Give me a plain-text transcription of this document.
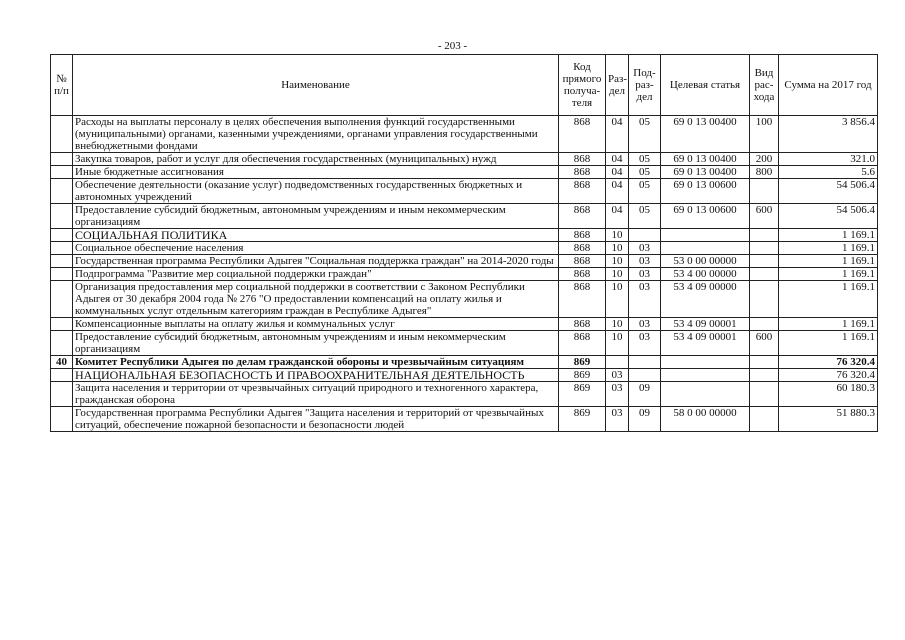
- 203 -
№ п/п	Наименование	Код прямого получа-теля	Раз-дел	Под-раз-дел	Целевая статья	Вид рас-хода	Сумма на 2017 год
	Расходы на выплаты персоналу в целях обеспечения выполнения функций государственными (муниципальными) органами, казенными учреждениями, органами управления государственными внебюджетными фондами	868	04	05	69 0 13 00400	100	3 856.4
	Закупка товаров, работ и услуг для обеспечения государственных (муниципальных) нужд	868	04	05	69 0 13 00400	200	321.0
	Иные бюджетные ассигнования	868	04	05	69 0 13 00400	800	5.6
	Обеспечение деятельности (оказание услуг) подведомственных государственных бюджетных и автономных учреждений	868	04	05	69 0 13 00600		54 506.4
	Предоставление субсидий бюджетным, автономным учреждениям и иным некоммерческим организациям	868	04	05	69 0 13 00600	600	54 506.4
	СОЦИАЛЬНАЯ ПОЛИТИКА	868	10				1 169.1
	Социальное обеспечение населения	868	10	03			1 169.1
	Государственная программа Республики Адыгея "Социальная поддержка граждан" на 2014-2020 годы	868	10	03	53 0 00 00000		1 169.1
	Подпрограмма "Развитие мер социальной поддержки граждан"	868	10	03	53 4 00 00000		1 169.1
	Организация предоставления мер социальной поддержки в соответствии с Законом Республики Адыгея от 30 декабря 2004 года № 276 "О предоставлении компенсаций на оплату жилья и коммунальных услуг отдельным категориям граждан в Республике Адыгея"	868	10	03	53 4 09 00000		1 169.1
	Компенсационные выплаты на оплату жилья и коммунальных услуг	868	10	03	53 4 09 00001		1 169.1
	Предоставление субсидий бюджетным, автономным учреждениям и иным некоммерческим организациям	868	10	03	53 4 09 00001	600	1 169.1
40	Комитет Республики Адыгея по делам гражданской обороны и чрезвычайным ситуациям	869					76 320.4
	НАЦИОНАЛЬНАЯ БЕЗОПАСНОСТЬ И ПРАВООХРАНИТЕЛЬНАЯ ДЕЯТЕЛЬНОСТЬ	869	03				76 320.4
	Защита населения и территории от чрезвычайных ситуаций природного и техногенного характера, гражданская оборона	869	03	09			60 180.3
	Государственная программа Республики Адыгея "Защита населения и территорий от чрезвычайных ситуаций, обеспечение пожарной безопасности и безопасности людей	869	03	09	58 0 00 00000		51 880.3
